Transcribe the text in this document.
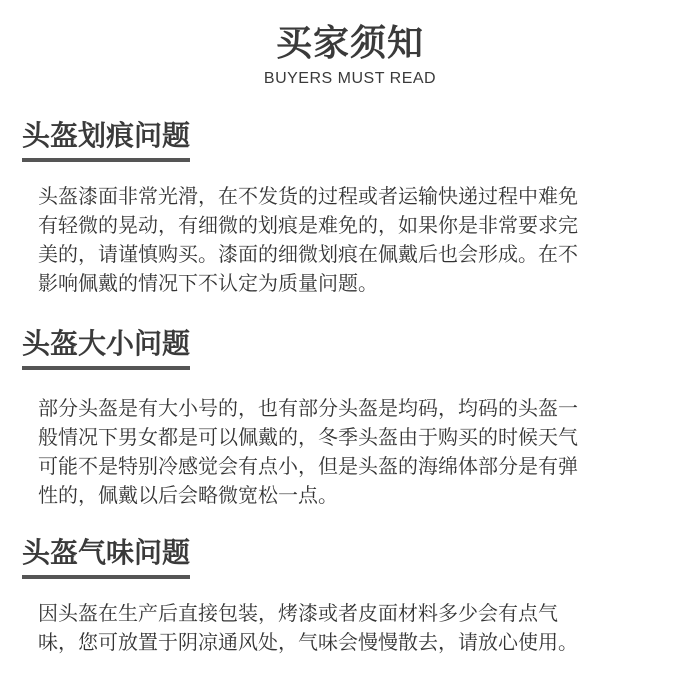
买家须知
BUYERS MUST READ
头盔划痕问题
头盔漆面非常光滑，在不发货的过程或者运输快递过程中难免
有轻微的晃动，有细微的划痕是难免的，如果你是非常要求完
美的，请谨慎购买。漆面的细微划痕在佩戴后也会形成。在不
影响佩戴的情况下不认定为质量问题。
头盔大小问题
部分头盔是有大小号的，也有部分头盔是均码，均码的头盔一
般情况下男女都是可以佩戴的，冬季头盔由于购买的时候天气
可能不是特别冷感觉会有点小，但是头盔的海绵体部分是有弹
性的，佩戴以后会略微宽松一点。
头盔气味问题
因头盔在生产后直接包装，烤漆或者皮面材料多少会有点气
味，您可放置于阴凉通风处，气味会慢慢散去，请放心使用。
